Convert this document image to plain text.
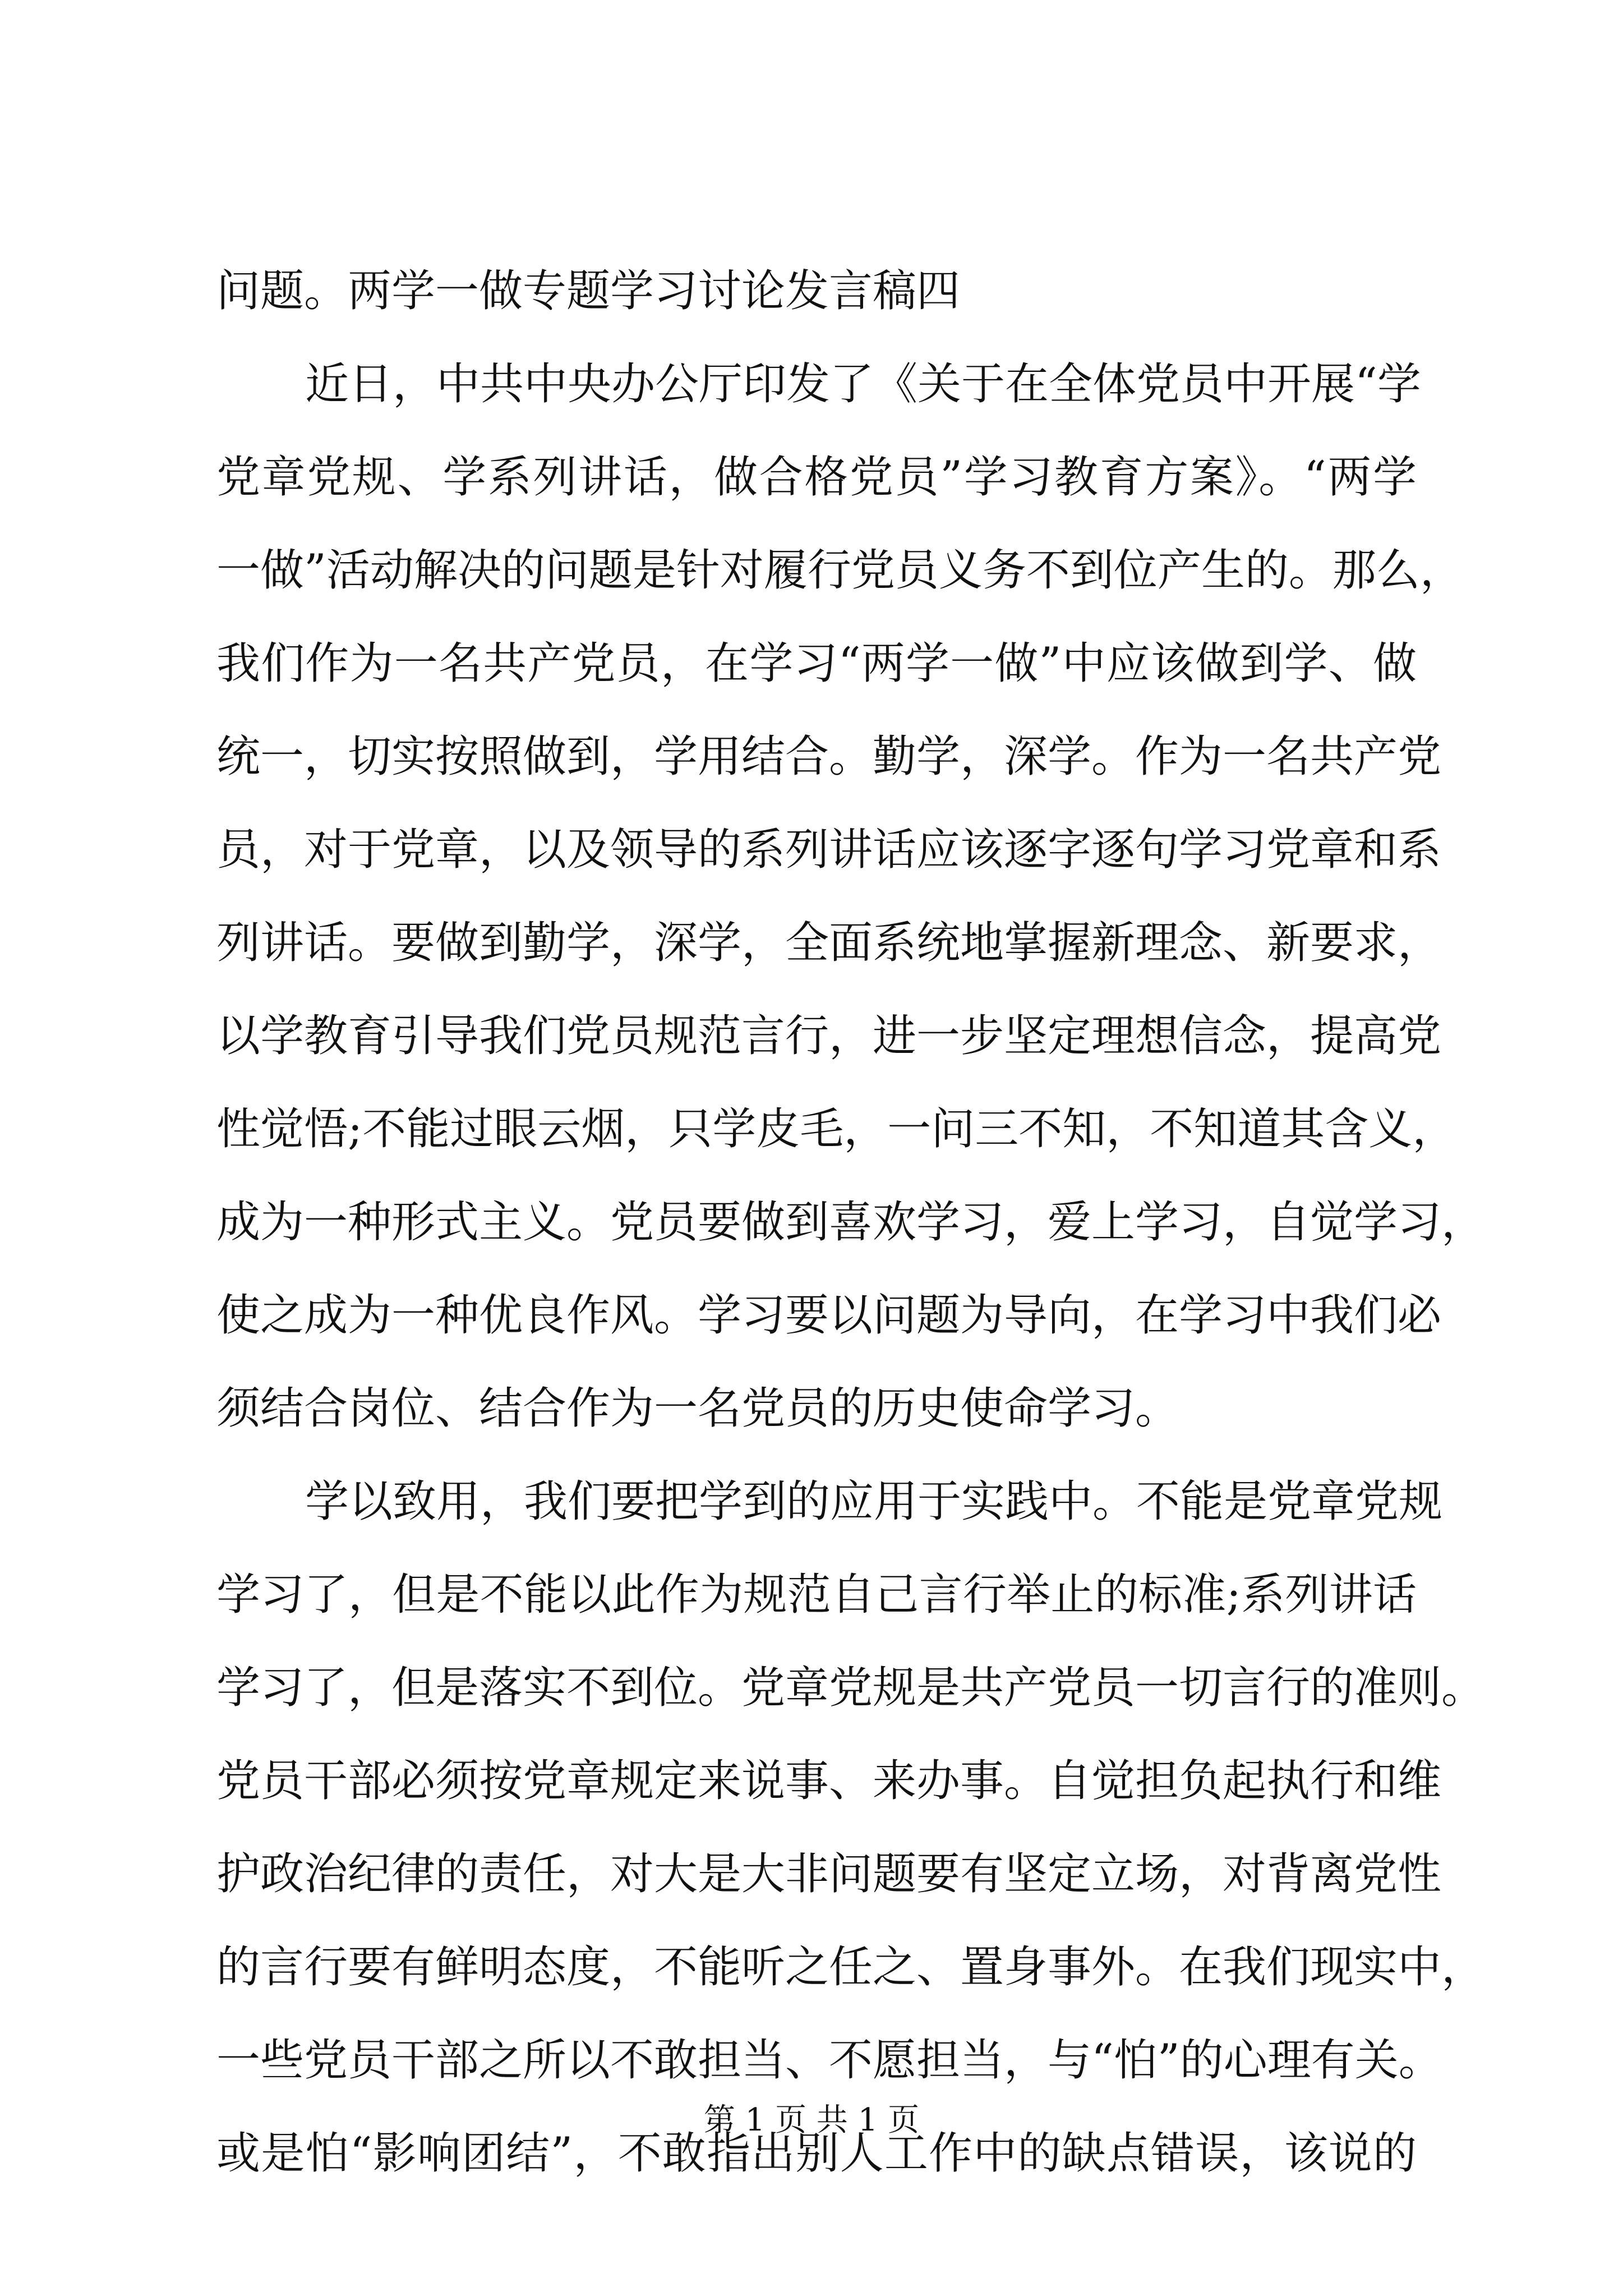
问题。两学一做专题学习讨论发言稿四
近日，中共中央办公厅印发了《关于在全体党员中开展“学
党章党规、学系列讲话，做合格党员”学习教育方案》。“两学
一做”活动解决的问题是针对履行党员义务不到位产生的。那么，
我们作为一名共产党员，在学习“两学一做”中应该做到学、做
统一，切实按照做到，学用结合。勤学，深学。作为一名共产党
员，对于党章，以及领导的系列讲话应该逐字逐句学习党章和系
列讲话。要做到勤学，深学，全面系统地掌握新理念、新要求，
以学教育引导我们党员规范言行，进一步坚定理想信念，提高党
性觉悟;不能过眼云烟，只学皮毛，一问三不知，不知道其含义，
成为一种形式主义。党员要做到喜欢学习，爱上学习，自觉学习，
使之成为一种优良作风。学习要以问题为导向，在学习中我们必
须结合岗位、结合作为一名党员的历史使命学习。
学以致用，我们要把学到的应用于实践中。不能是党章党规
学习了，但是不能以此作为规范自己言行举止的标准;系列讲话
学习了，但是落实不到位。党章党规是共产党员一切言行的准则。
党员干部必须按党章规定来说事、来办事。自觉担负起执行和维
护政治纪律的责任，对大是大非问题要有坚定立场，对背离党性
的言行要有鲜明态度，不能听之任之、置身事外。在我们现实中，
一些党员干部之所以不敢担当、不愿担当，与“怕”的心理有关。
或是怕“影响团结”，不敢指出别人工作中的缺点错误，该说的
第 1 页 共 1 页
